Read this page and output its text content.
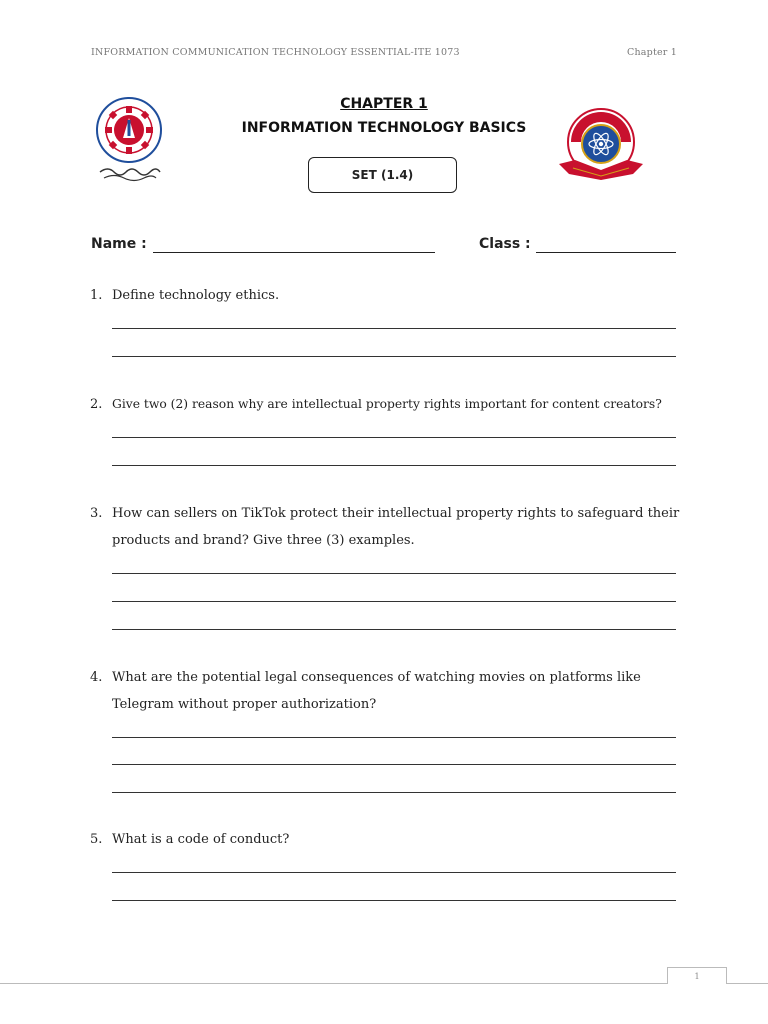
INFORMATION COMMUNICATION TECHNOLOGY ESSENTIAL-ITE 1073	Chapter 1
CHAPTER 1
INFORMATION TECHNOLOGY BASICS
SET (1.4)
Name :	Class :
1. Define technology ethics.
2. Give two (2) reason why are intellectual property rights important for content creators?
3. How can sellers on TikTok protect their intellectual property rights to safeguard their products and brand? Give three (3) examples.
4. What are the potential legal consequences of watching movies on platforms like Telegram without proper authorization?
5. What is a code of conduct?
1
